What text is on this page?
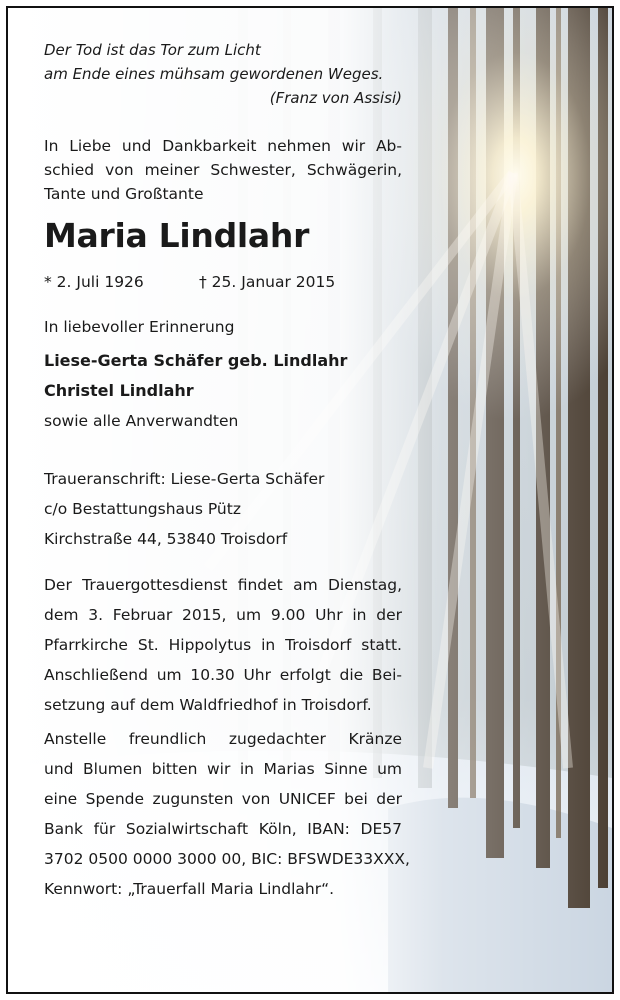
Der Tod ist das Tor zum Licht
am Ende eines mühsam gewordenen Weges.
(Franz von Assisi)
In Liebe und Dankbarkeit nehmen wir Ab-
schied von meiner Schwester, Schwägerin,
Tante und Großtante
Maria Lindlahr
* 2. Juli 1926	† 25. Januar 2015
In liebevoller Erinnerung
Liese-Gerta Schäfer geb. Lindlahr
Christel Lindlahr
sowie alle Anverwandten
Traueranschrift: Liese-Gerta Schäfer
c/o Bestattungshaus Pütz
Kirchstraße 44, 53840 Troisdorf
Der Trauergottesdienst findet am Dienstag,
dem 3. Februar 2015, um 9.00 Uhr in der
Pfarrkirche St. Hippolytus in Troisdorf statt.
Anschließend um 10.30 Uhr erfolgt die Bei-
setzung auf dem Waldfriedhof in Troisdorf.
Anstelle freundlich zugedachter Kränze
und Blumen bitten wir in Marias Sinne um
eine Spende zugunsten von UNICEF bei der
Bank für Sozialwirtschaft Köln, IBAN: DE57
3702 0500 0000 3000 00, BIC: BFSWDE33XXX,
Kennwort: „Trauerfall Maria Lindlahr“.
